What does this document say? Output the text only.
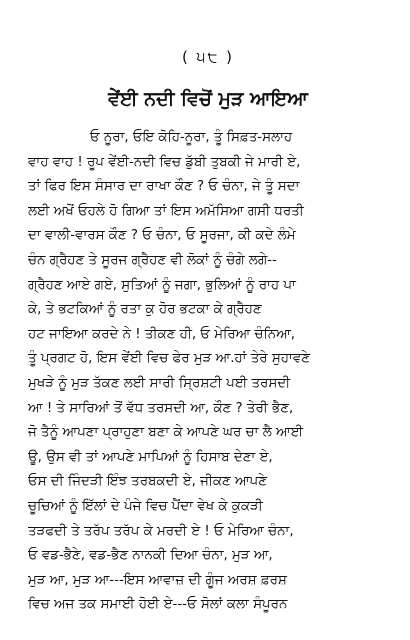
( ੫੮ )
ਵੇਂਈ ਨਦੀ ਵਿਚੋਂ ਮੁੜ ਆਇਆ
ਓ ਨੂਰਾ, ਓਇ ਕੋਹਿ-ਨੂਰਾ, ਤੂੰ ਸਿਫ਼ਤ-ਸਲਾਹ
ਵਾਹ ਵਾਹ ! ਰੂਪ ਵੇਂਈ-ਨਦੀ ਵਿਚ ਡੁੱਬੀ ਤੁਬਕੀ ਜੇ ਮਾਰੀ ਏ,
ਤਾਂ ਫਿਰ ਇਸ ਸੰਸਾਰ ਦਾ ਰਾਖਾ ਕੌਣ ? ਓ ਚੰਨਾ, ਜੇ ਤੂੰ ਸਦਾ
ਲਈ ਅਖੋਂ ਓਹਲੇ ਹੋ ਗਿਆ ਤਾਂ ਇਸ ਅਮੱਸਿਆ ਗਸੀ ਧਰਤੀ
ਦਾ ਵਾਲੀ-ਵਾਰਸ ਕੌਣ ? ਓ ਚੰਨਾ, ਓ ਸੂਰਜਾ, ਕੀ ਕਦੇ ਲੰਮੇ
ਚੰਨ ਗ੍ਰੈਹਣ ਤੇ ਸੂਰਜ ਗ੍ਰੈਹਣ ਵੀ ਲੋਕਾਂ ਨੂੰ ਚੰਗੇ ਲਗੇ--
ਗ੍ਰੈਹਣ ਆਏ ਗਏ, ਸੁਤਿਆਂ ਨੂੰ ਜਗਾ, ਭੁਲਿਆਂ ਨੂੰ ਰਾਹ ਪਾ
ਕੇ, ਤੇ ਭਟਕਿਆਂ ਨੂੰ ਰਤਾ ਕੁ ਹੋਰ ਭਟਕਾ ਕੇ ਗ੍ਰੈਹਣ
ਹਟ ਜਾਇਆ ਕਰਦੇ ਨੇ ! ਤੀਕਣ ਹੀ, ਓ ਮੇਰਿਆ ਚੰਨਿਆ,
ਤੂੰ ਪ੍ਰਗਟ ਹੋ, ਇਸ ਵੇਂਈ ਵਿਚ ਫੇਰ ਮੁੜ ਆ.ਹਾਂ ਤੇਰੇ ਸੁਹਾਵਣੇ
ਮੁਖੜੇ ਨੂੰ ਮੁੜ ਤੱਕਣ ਲਈ ਸਾਰੀ ਸ੍ਰਿਸ਼ਟੀ ਪਈ ਤਰਸਦੀ
ਆ ! ਤੇ ਸਾਰਿਆਂ ਤੋਂ ਵੱਧ ਤਰਸਦੀ ਆ, ਕੌਣ ? ਤੇਰੀ ਭੈਣ,
ਜੋ ਤੈਨੂੰ ਆਪਣਾ ਪ੍ਰਾਹੁਣਾ ਬਣਾ ਕੇ ਆਪਣੇ ਘਰ ਚਾ ਲੈ ਆਈ
ਊ, ਉਸ ਵੀ ਤਾਂ ਆਪਣੇ ਮਾਪਿਆਂ ਨੂੰ ਹਿਸਾਬ ਦੇਣਾ ਏ,
ਓਸ ਦੀ ਜਿੰਦੜੀ ਇੰਝ ਤਰਬਕਦੀ ਏ, ਜੀਕਣ ਆਪਣੇ
ਚੂਚਿਆਂ ਨੂੰ ਇੱਲਾਂ ਦੇ ਪੰਜੇ ਵਿਚ ਪੈਂਦਾ ਵੇਖ ਕੇ ਕੁਕੜੀ
ਤੜਫਦੀ ਤੇ ਤਰੱਪ ਤਰੱਪ ਕੇ ਮਰਦੀ ਏ ! ਓ ਮੇਰਿਆ ਚੰਨਾ,
ਓ ਵਡ-ਭੈਣੇ, ਵਡ-ਭੈਣ ਨਾਨਕੀ ਦਿਆ ਚੰਨਾ, ਮੁੜ ਆ,
ਮੁੜ ਆ, ਮੁੜ ਆ---ਇਸ ਆਵਾਜ਼ ਦੀ ਗੂੰਜ ਅਰਸ਼ ਫ਼ਰਸ਼
ਵਿਚ ਅਜ ਤਕ ਸਮਾਈ ਹੋਈ ਏ---ਓ ਸੋਲਾਂ ਕਲਾ ਸੰਪੂਰਨ
